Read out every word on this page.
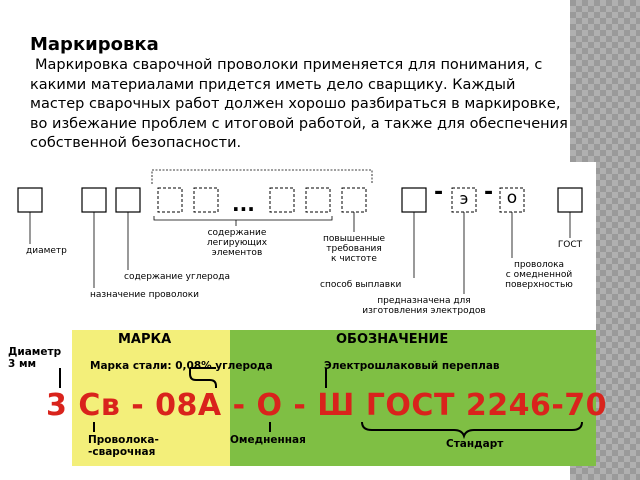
Маркировка
Маркировка сварочной проволоки применяется для понимания, с какими материалами придется иметь дело сварщику. Каждый мастер сварочных работ должен хорошо разбираться в маркировке, во избежание проблем с итоговой работой, а также для обеспечения собственной безопасности.
...	- -
э о
диаметр
содержание
легирующих
элементов
повышенные
требования
к чистоте
ГОСТ
проволока
с омедненной
поверхностью
содержание углерода
способ выплавки
назначение проволоки
предназначена для
изготовления электродов
Диаметр
3 мм
МАРКА	ОБОЗНАЧЕНИЕ
Марка стали: 0,08% углерода	Электрошлаковый переплав
3 Св - 08А - О - Ш ГОСТ 2246-70
Проволока-
-сварочная
Омедненная	Стандарт
